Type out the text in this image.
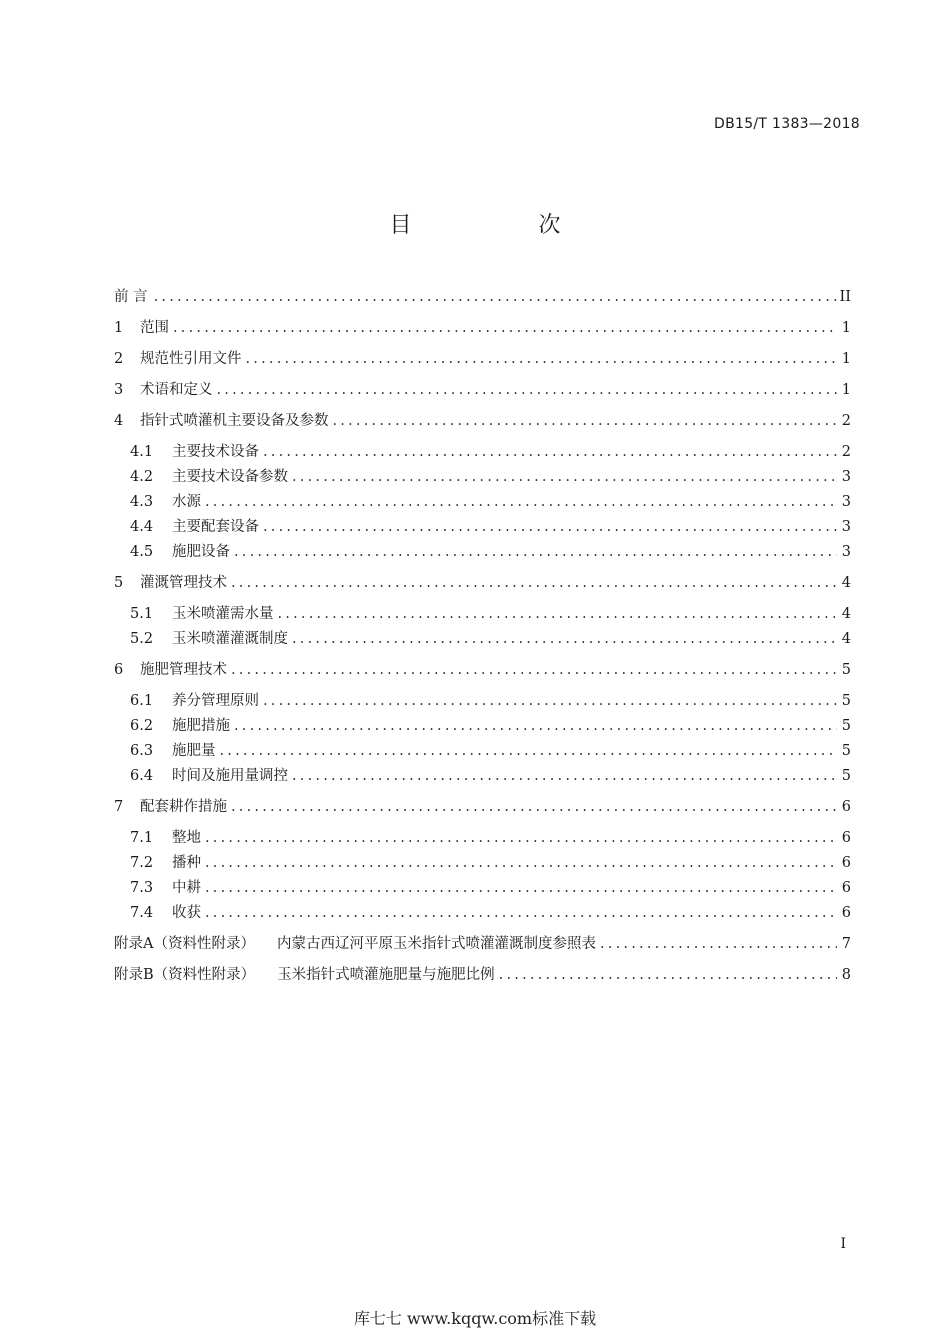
DB15/T 1383—2018
目 次
前 言 .....	II
1	范围 .....	1
2	规范性引用文件 .....	1
3	术语和定义 .....	1
4	指针式喷灌机主要设备及参数 .....	2
4.1	主要技术设备 .....	2
4.2	主要技术设备参数 .....	3
4.3	水源 .....	3
4.4	主要配套设备 .....	3
4.5	施肥设备 .....	3
5	灌溉管理技术 .....	4
5.1	玉米喷灌需水量 .....	4
5.2	玉米喷灌灌溉制度 .....	4
6	施肥管理技术 .....	5
6.1	养分管理原则 .....	5
6.2	施肥措施 .....	5
6.3	施肥量 .....	5
6.4	时间及施用量调控 .....	5
7	配套耕作措施 .....	6
7.1	整地 .....	6
7.2	播种 .....	6
7.3	中耕 .....	6
7.4	收获 .....	6
附录A（资料性附录） 内蒙古西辽河平原玉米指针式喷灌灌溉制度参照表 .....	7
附录B（资料性附录） 玉米指针式喷灌施肥量与施肥比例 .....	8
I
库七七 www.kqqw.com标准下载
